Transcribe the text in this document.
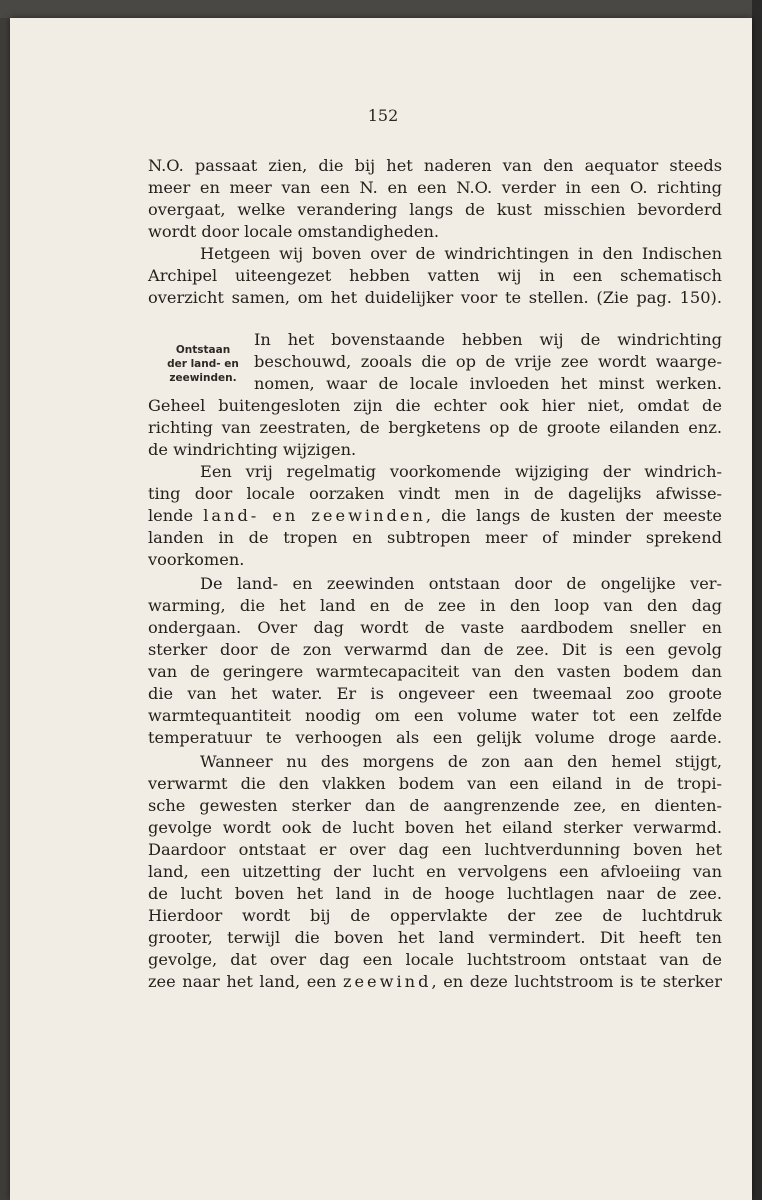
152
N.O. passaat zien, die bij het naderen van den aequator steeds
meer en meer van een N. en een N.O. verder in een O. richting
overgaat, welke verandering langs de kust misschien bevorderd
wordt door locale omstandigheden.
Hetgeen wij boven over de windrichtingen in den Indischen
Archipel uiteengezet hebben vatten wij in een schematisch
overzicht samen, om het duidelijker voor te stellen. (Zie pag. 150).
Ontstaan
der land- en
zeewinden.
In het bovenstaande hebben wij de windrichting
beschouwd, zooals die op de vrije zee wordt waarge-
nomen, waar de locale invloeden het minst werken.
Geheel buitengesloten zijn die echter ook hier niet, omdat de
richting van zeestraten, de bergketens op de groote eilanden enz.
de windrichting wijzigen.
Een vrij regelmatig voorkomende wijziging der windrich-
ting door locale oorzaken vindt men in de dagelijks afwisse-
lende land- en zeewinden, die langs de kusten der meeste
landen in de tropen en subtropen meer of minder sprekend
voorkomen.
De land- en zeewinden ontstaan door de ongelijke ver-
warming, die het land en de zee in den loop van den dag
ondergaan. Over dag wordt de vaste aardbodem sneller en
sterker door de zon verwarmd dan de zee. Dit is een gevolg
van de geringere warmtecapaciteit van den vasten bodem dan
die van het water. Er is ongeveer een tweemaal zoo groote
warmtequantiteit noodig om een volume water tot een zelfde
temperatuur te verhoogen als een gelijk volume droge aarde.
Wanneer nu des morgens de zon aan den hemel stijgt,
verwarmt die den vlakken bodem van een eiland in de tropi-
sche gewesten sterker dan de aangrenzende zee, en dienten-
gevolge wordt ook de lucht boven het eiland sterker verwarmd.
Daardoor ontstaat er over dag een luchtverdunning boven het
land, een uitzetting der lucht en vervolgens een afvloeiing van
de lucht boven het land in de hooge luchtlagen naar de zee.
Hierdoor wordt bij de oppervlakte der zee de luchtdruk
grooter, terwijl die boven het land vermindert. Dit heeft ten
gevolge, dat over dag een locale luchtstroom ontstaat van de
zee naar het land, een zeewind, en deze luchtstroom is te sterker
